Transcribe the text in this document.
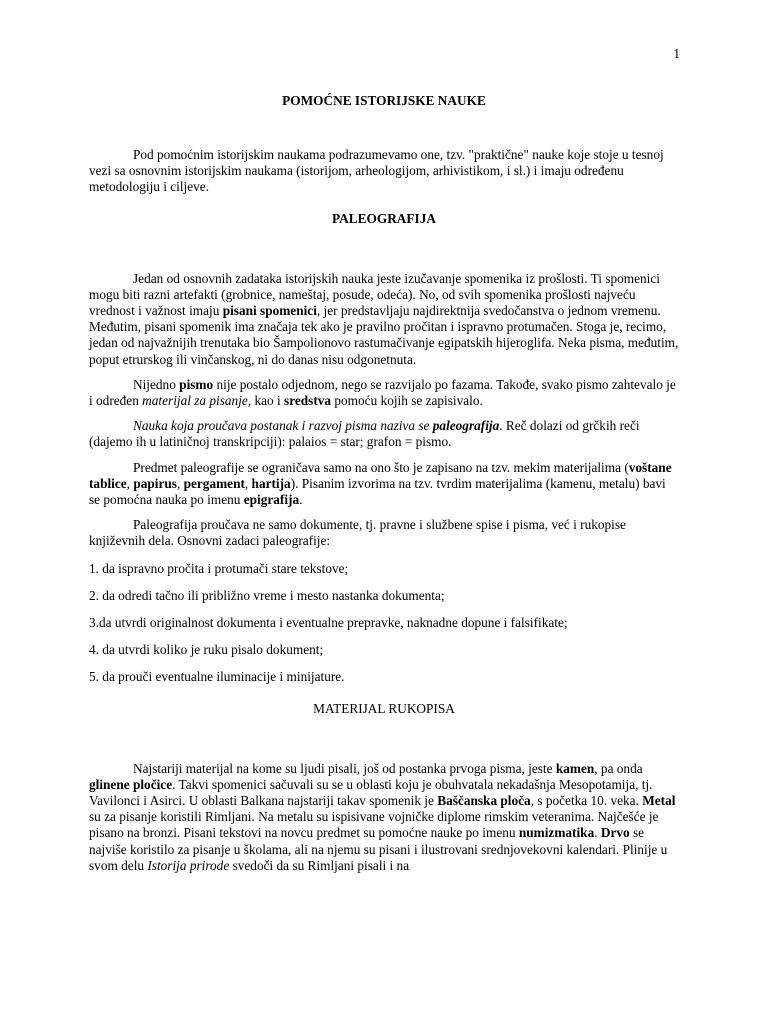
1
POMOĆNE ISTORIJSKE NAUKE

Pod pomoćnim istorijskim naukama podrazumevamo one, tzv. "praktične" nauke koje stoje u tesnoj vezi sa osnovnim istorijskim naukama (istorijom, arheologijom, arhivistikom, i sl.) i imaju određenu metodologiju i ciljeve.

PALEOGRAFIJA

Jedan od osnovnih zadataka istorijskih nauka jeste izučavanje spomenika iz prošlosti. Ti spomenici mogu biti razni artefakti (grobnice, nameštaj, posude, odeća). No, od svih spomenika prošlosti najveću vrednost i važnost imaju pisani spomenici, jer predstavljaju najdirektnija svedočanstva o jednom vremenu. Međutim, pisani spomenik ima značaja tek ako je pravilno pročitan i ispravno protumačen. Stoga je, recimo, jedan od najvažnijih trenutaka bio Šampolionovo rastumačivanje egipatskih hijeroglifa. Neka pisma, međutim, poput etrurskog ili vinčanskog, ni do danas nisu odgonetnuta.

Nijedno pismo nije postalo odjednom, nego se razvijalo po fazama. Takođe, svako pismo zahtevalo je i određen materijal za pisanje, kao i sredstva pomoću kojih se zapisivalo.

Nauka koja proučava postanak i razvoj pisma naziva se paleografija. Reč dolazi od grčkih reči (dajemo ih u latiničnoj transkripciji): palaios = star; grafon = pismo.

Predmet paleografije se ograničava samo na ono što je zapisano na tzv. mekim materijalima (voštane tablice, papirus, pergament, hartija). Pisanim izvorima na tzv. tvrdim materijalima (kamenu, metalu) bavi se pomoćna nauka po imenu epigrafija.

Paleografija proučava ne samo dokumente, tj. pravne i službene spise i pisma, već i rukopise književnih dela. Osnovni zadaci paleografije:

1. da ispravno pročita i protumači stare tekstove;

2. da odredi tačno ili približno vreme i mesto nastanka dokumenta;

3.da utvrdi originalnost dokumenta i eventualne prepravke, naknadne dopune i falsifikate;

4. da utvrdi koliko je ruku pisalo dokument;

5. da prouči eventualne iluminacije i minijature.

MATERIJAL RUKOPISA

Najstariji materijal na kome su ljudi pisali, još od postanka prvoga pisma, jeste kamen, pa onda glinene pločice. Takvi spomenici sačuvali su se u oblasti koju je obuhvatala nekadašnja Mesopotamija, tj. Vavilonci i Asirci. U oblasti Balkana najstariji takav spomenik je Baščanska ploča, s početka 10. veka. Metal su za pisanje koristili Rimljani. Na metalu su ispisivane vojničke diplome rimskim veteranima. Najčešće je pisano na bronzi. Pisani tekstovi na novcu predmet su pomoćne nauke po imenu numizmatika. Drvo se najviše koristilo za pisanje u školama, ali na njemu su pisani i ilustrovani srednjovekovni kalendari. Plinije u svom delu Istorija prirode svedoči da su Rimljani pisali i na
